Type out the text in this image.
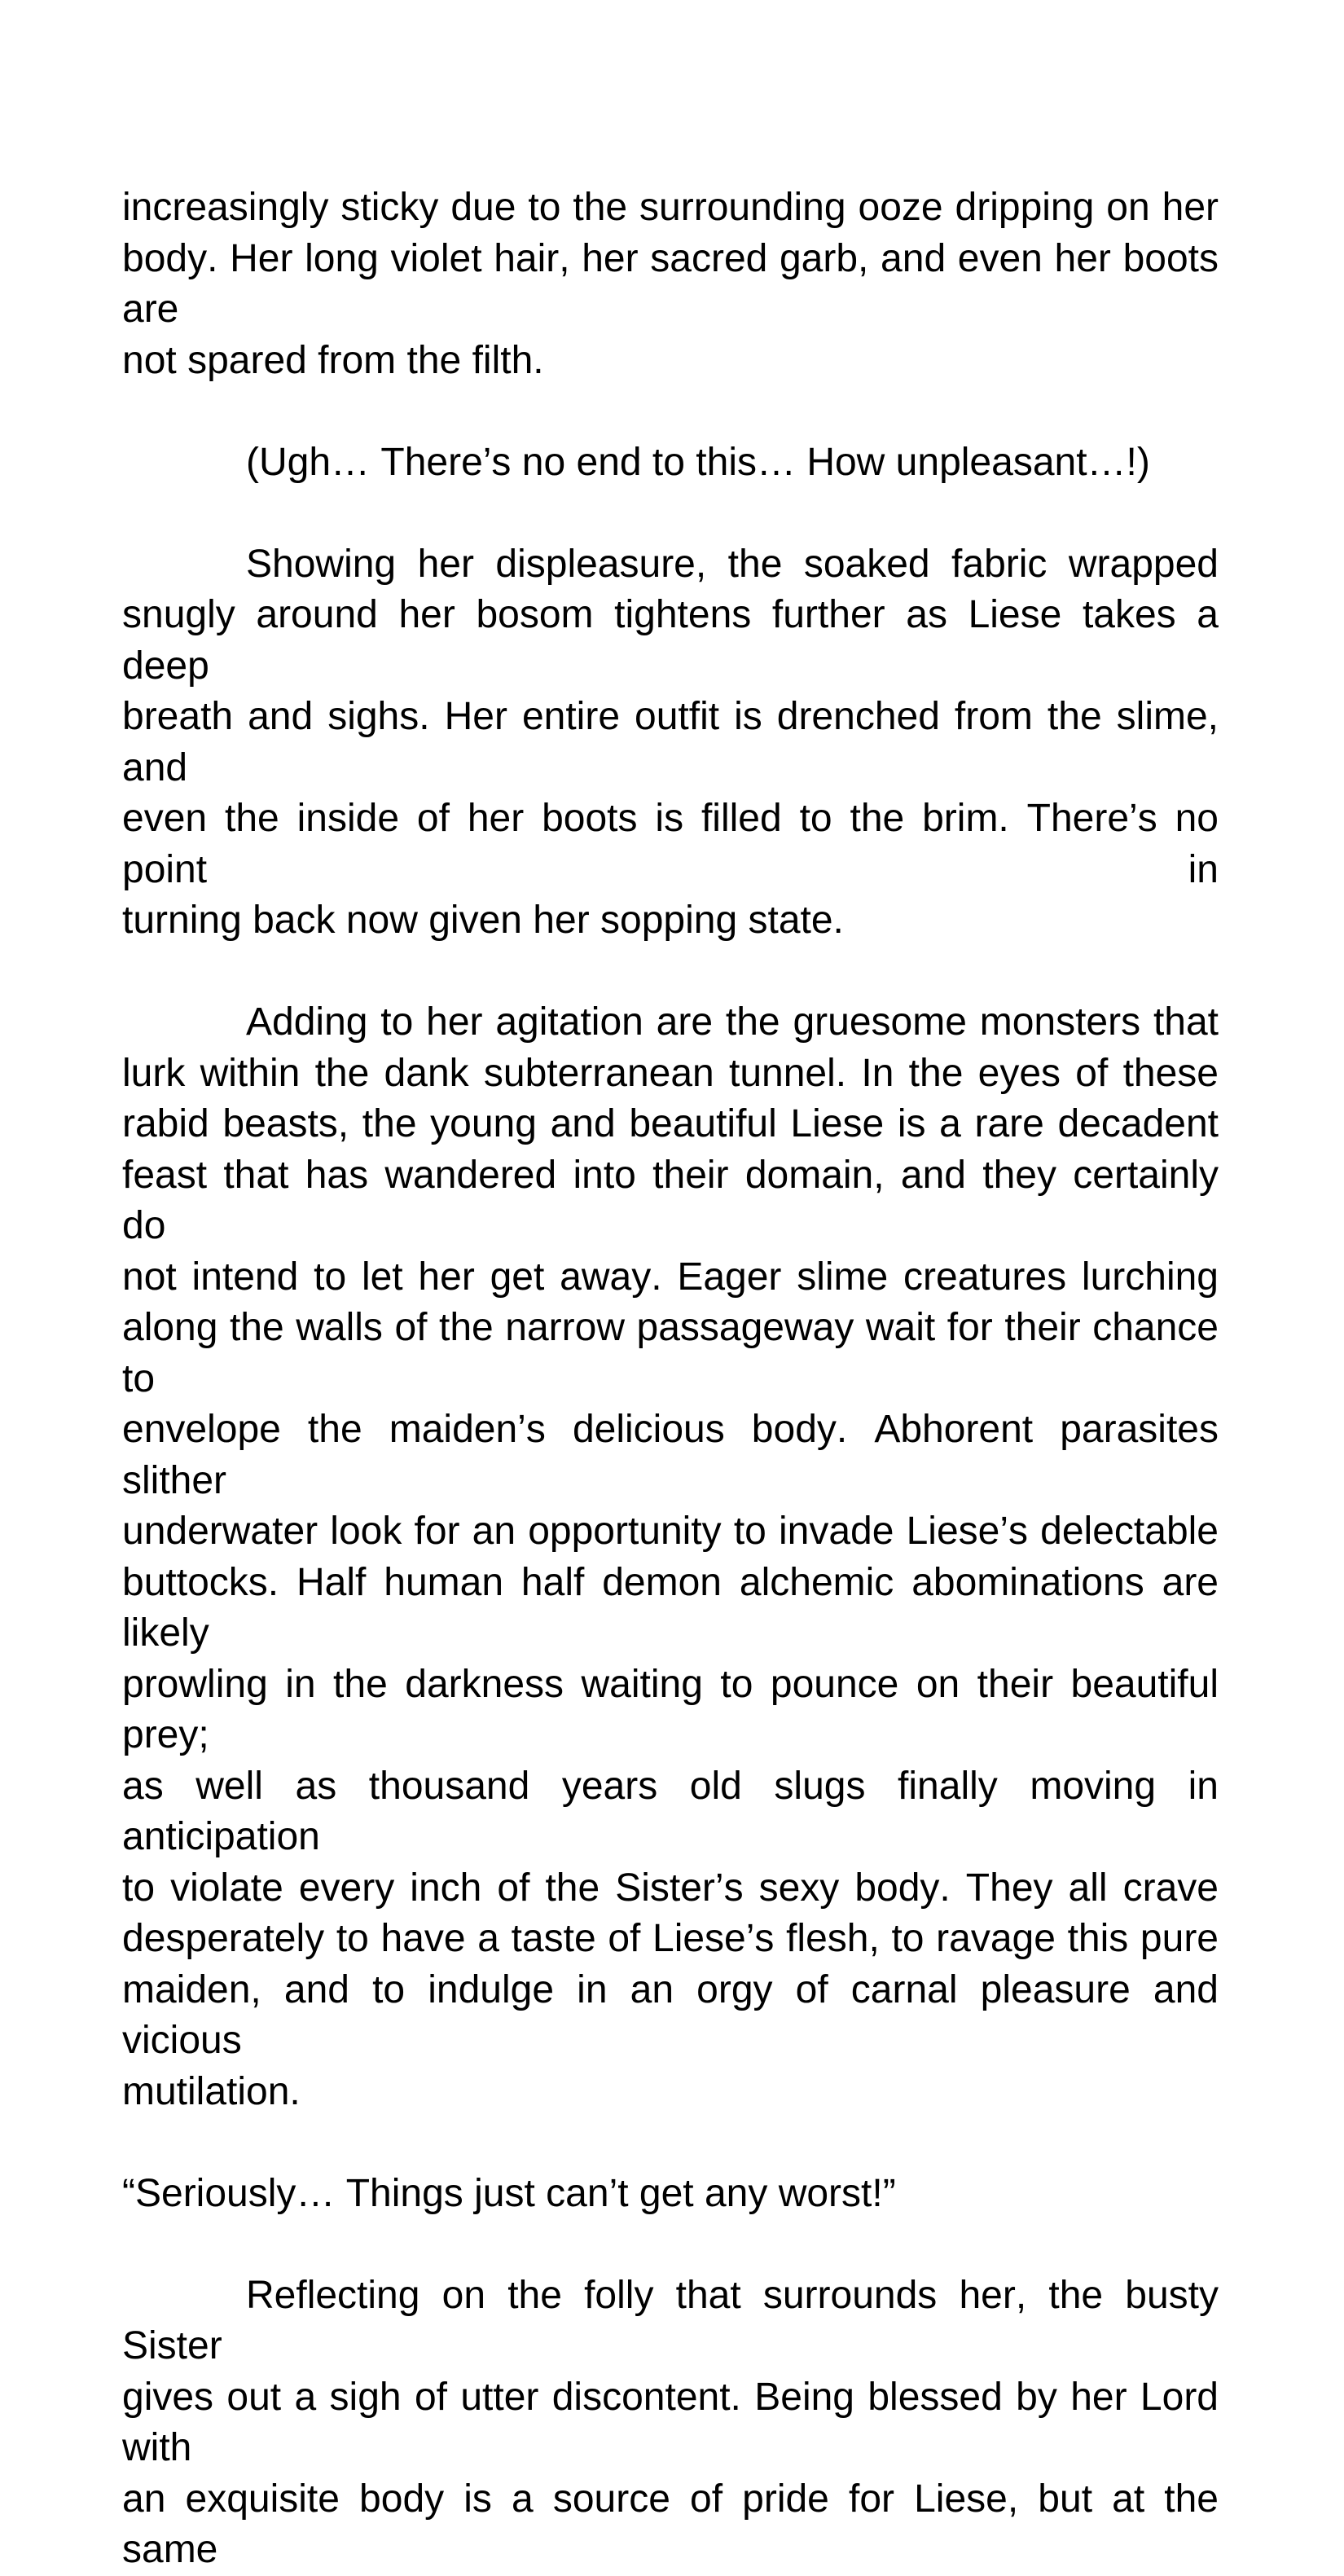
increasingly sticky due to the surrounding ooze dripping on her
body. Her long violet hair, her sacred garb, and even her boots are
not spared from the filth.

(Ugh… There’s no end to this… How unpleasant…!)

Showing her displeasure, the soaked fabric wrapped
snugly around her bosom tightens further as Liese takes a deep
breath and sighs. Her entire outfit is drenched from the slime, and
even the inside of her boots is filled to the brim. There’s no point in
turning back now given her sopping state.

Adding to her agitation are the gruesome monsters that
lurk within the dank subterranean tunnel. In the eyes of these
rabid beasts, the young and beautiful Liese is a rare decadent
feast that has wandered into their domain, and they certainly do
not intend to let her get away. Eager slime creatures lurching
along the walls of the narrow passageway wait for their chance to
envelope the maiden’s delicious body. Abhorent parasites slither
underwater look for an opportunity to invade Liese’s delectable
buttocks. Half human half demon alchemic abominations are likely
prowling in the darkness waiting to pounce on their beautiful prey;
as well as thousand years old slugs finally moving in anticipation
to violate every inch of the Sister’s sexy body. They all crave
desperately to have a taste of Liese’s flesh, to ravage this pure
maiden, and to indulge in an orgy of carnal pleasure and vicious
mutilation.

“Seriously… Things just can’t get any worst!”

Reflecting on the folly that surrounds her, the busty Sister
gives out a sigh of utter discontent. Being blessed by her Lord with
an exquisite body is a source of pride for Liese, but at the same
